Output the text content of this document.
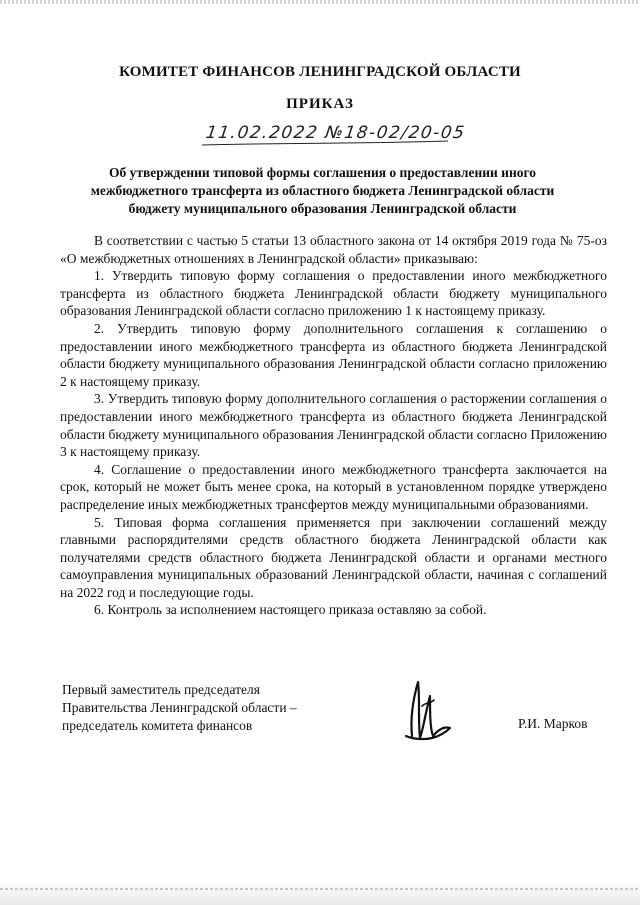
КОМИТЕТ ФИНАНСОВ ЛЕНИНГРАДСКОЙ ОБЛАСТИ
ПРИКАЗ
11.02.2022 №18-02/20-05
Об утверждении типовой формы соглашения о предоставлении иного межбюджетного трансферта из областного бюджета Ленинградской области бюджету муниципального образования Ленинградской области

В соответствии с частью 5 статьи 13 областного закона от 14 октября 2019 года № 75-оз «О межбюджетных отношениях в Ленинградской области» приказываю:

1. Утвердить типовую форму соглашения о предоставлении иного межбюджетного трансферта из областного бюджета Ленинградской области бюджету муниципального образования Ленинградской области согласно приложению 1 к настоящему приказу.

2. Утвердить типовую форму дополнительного соглашения к соглашению о предоставлении иного межбюджетного трансферта из областного бюджета Ленинградской области бюджету муниципального образования Ленинградской области согласно приложению 2 к настоящему приказу.

3. Утвердить типовую форму дополнительного соглашения о расторжении соглашения о предоставлении иного межбюджетного трансферта из областного бюджета Ленинградской области бюджету муниципального образования Ленинградской области согласно Приложению 3 к настоящему приказу.

4. Соглашение о предоставлении иного межбюджетного трансферта заключается на срок, который не может быть менее срока, на который в установленном порядке утверждено распределение иных межбюджетных трансфертов между муниципальными образованиями.

5. Типовая форма соглашения применяется при заключении соглашений между главными распорядителями средств областного бюджета Ленинградской области как получателями средств областного бюджета Ленинградской области и органами местного самоуправления муниципальных образований Ленинградской области, начиная с соглашений на 2022 год и последующие годы.

6. Контроль за исполнением настоящего приказа оставляю за собой.

Первый заместитель председателя
Правительства Ленинградской области –
председатель комитета финансов	Р.И. Марков
